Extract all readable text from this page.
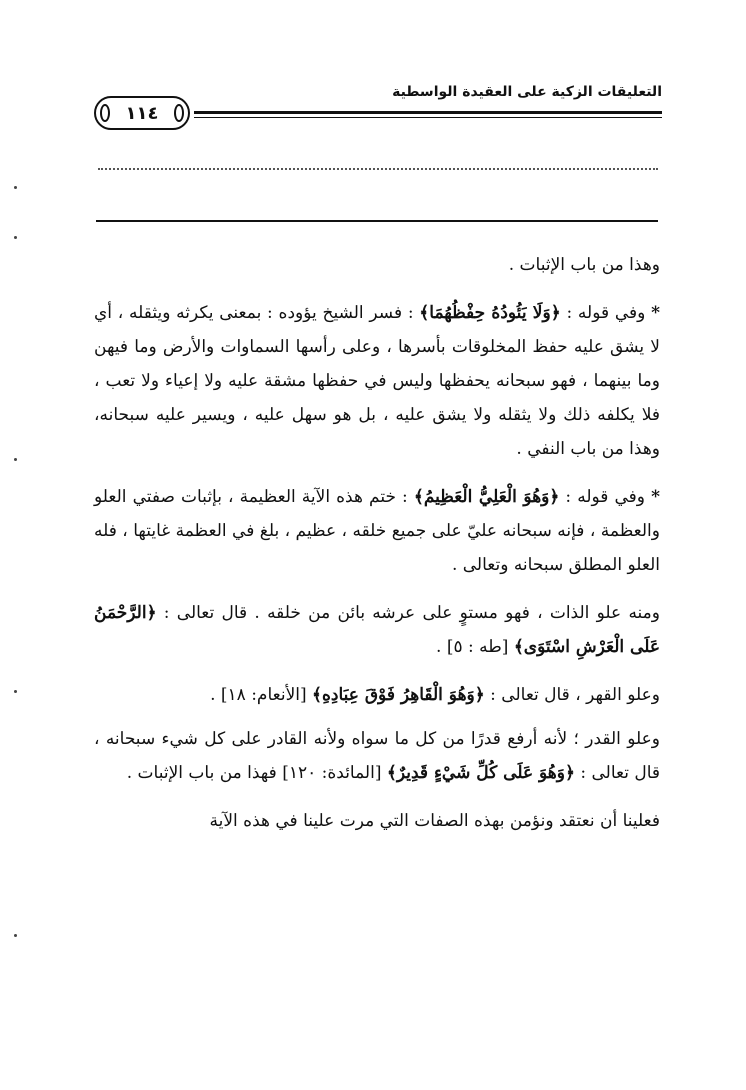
التعليقات الزكية على العقيدة الواسطية
١١٤

وهذا من باب الإثبات .

* وفي قوله : ﴿وَلَا يَئُودُهُ حِفْظُهُمَا﴾ : فسر الشيخ يؤوده : بمعنى يكرثه ويثقله ، أي لا يشق عليه حفظ المخلوقات بأسرها ، وعلى رأسها السماوات والأرض وما فيهن وما بينهما ، فهو سبحانه يحفظها وليس في حفظها مشقة عليه ولا إعياء ولا تعب ، فلا يكلفه ذلك ولا يثقله ولا يشق عليه ، بل هو سهل عليه ، ويسير عليه سبحانه، وهذا من باب النفي .

* وفي قوله : ﴿وَهُوَ الْعَلِيُّ الْعَظِيمُ﴾ : ختم هذه الآية العظيمة ، بإثبات صفتي العلو والعظمة ، فإنه سبحانه عليّ على جميع خلقه ، عظيم ، بلغ في العظمة غايتها ، فله العلو المطلق سبحانه وتعالى .

ومنه علو الذات ، فهو مستوٍ على عرشه بائن من خلقه . قال تعالى : ﴿الرَّحْمَنُ عَلَى الْعَرْشِ اسْتَوَى﴾ [طه : ٥] .

وعلو القهر ، قال تعالى : ﴿وَهُوَ الْقَاهِرُ فَوْقَ عِبَادِهِ﴾ [الأنعام: ١٨] .

وعلو القدر ؛ لأنه أرفع قدرًا من كل ما سواه ولأنه القادر على كل شيء سبحانه ، قال تعالى : ﴿وَهُوَ عَلَى كُلِّ شَيْءٍ قَدِيرٌ﴾ [المائدة: ١٢٠] فهذا من باب الإثبات .

فعلينا أن نعتقد ونؤمن بهذه الصفات التي مرت علينا في هذه الآية
